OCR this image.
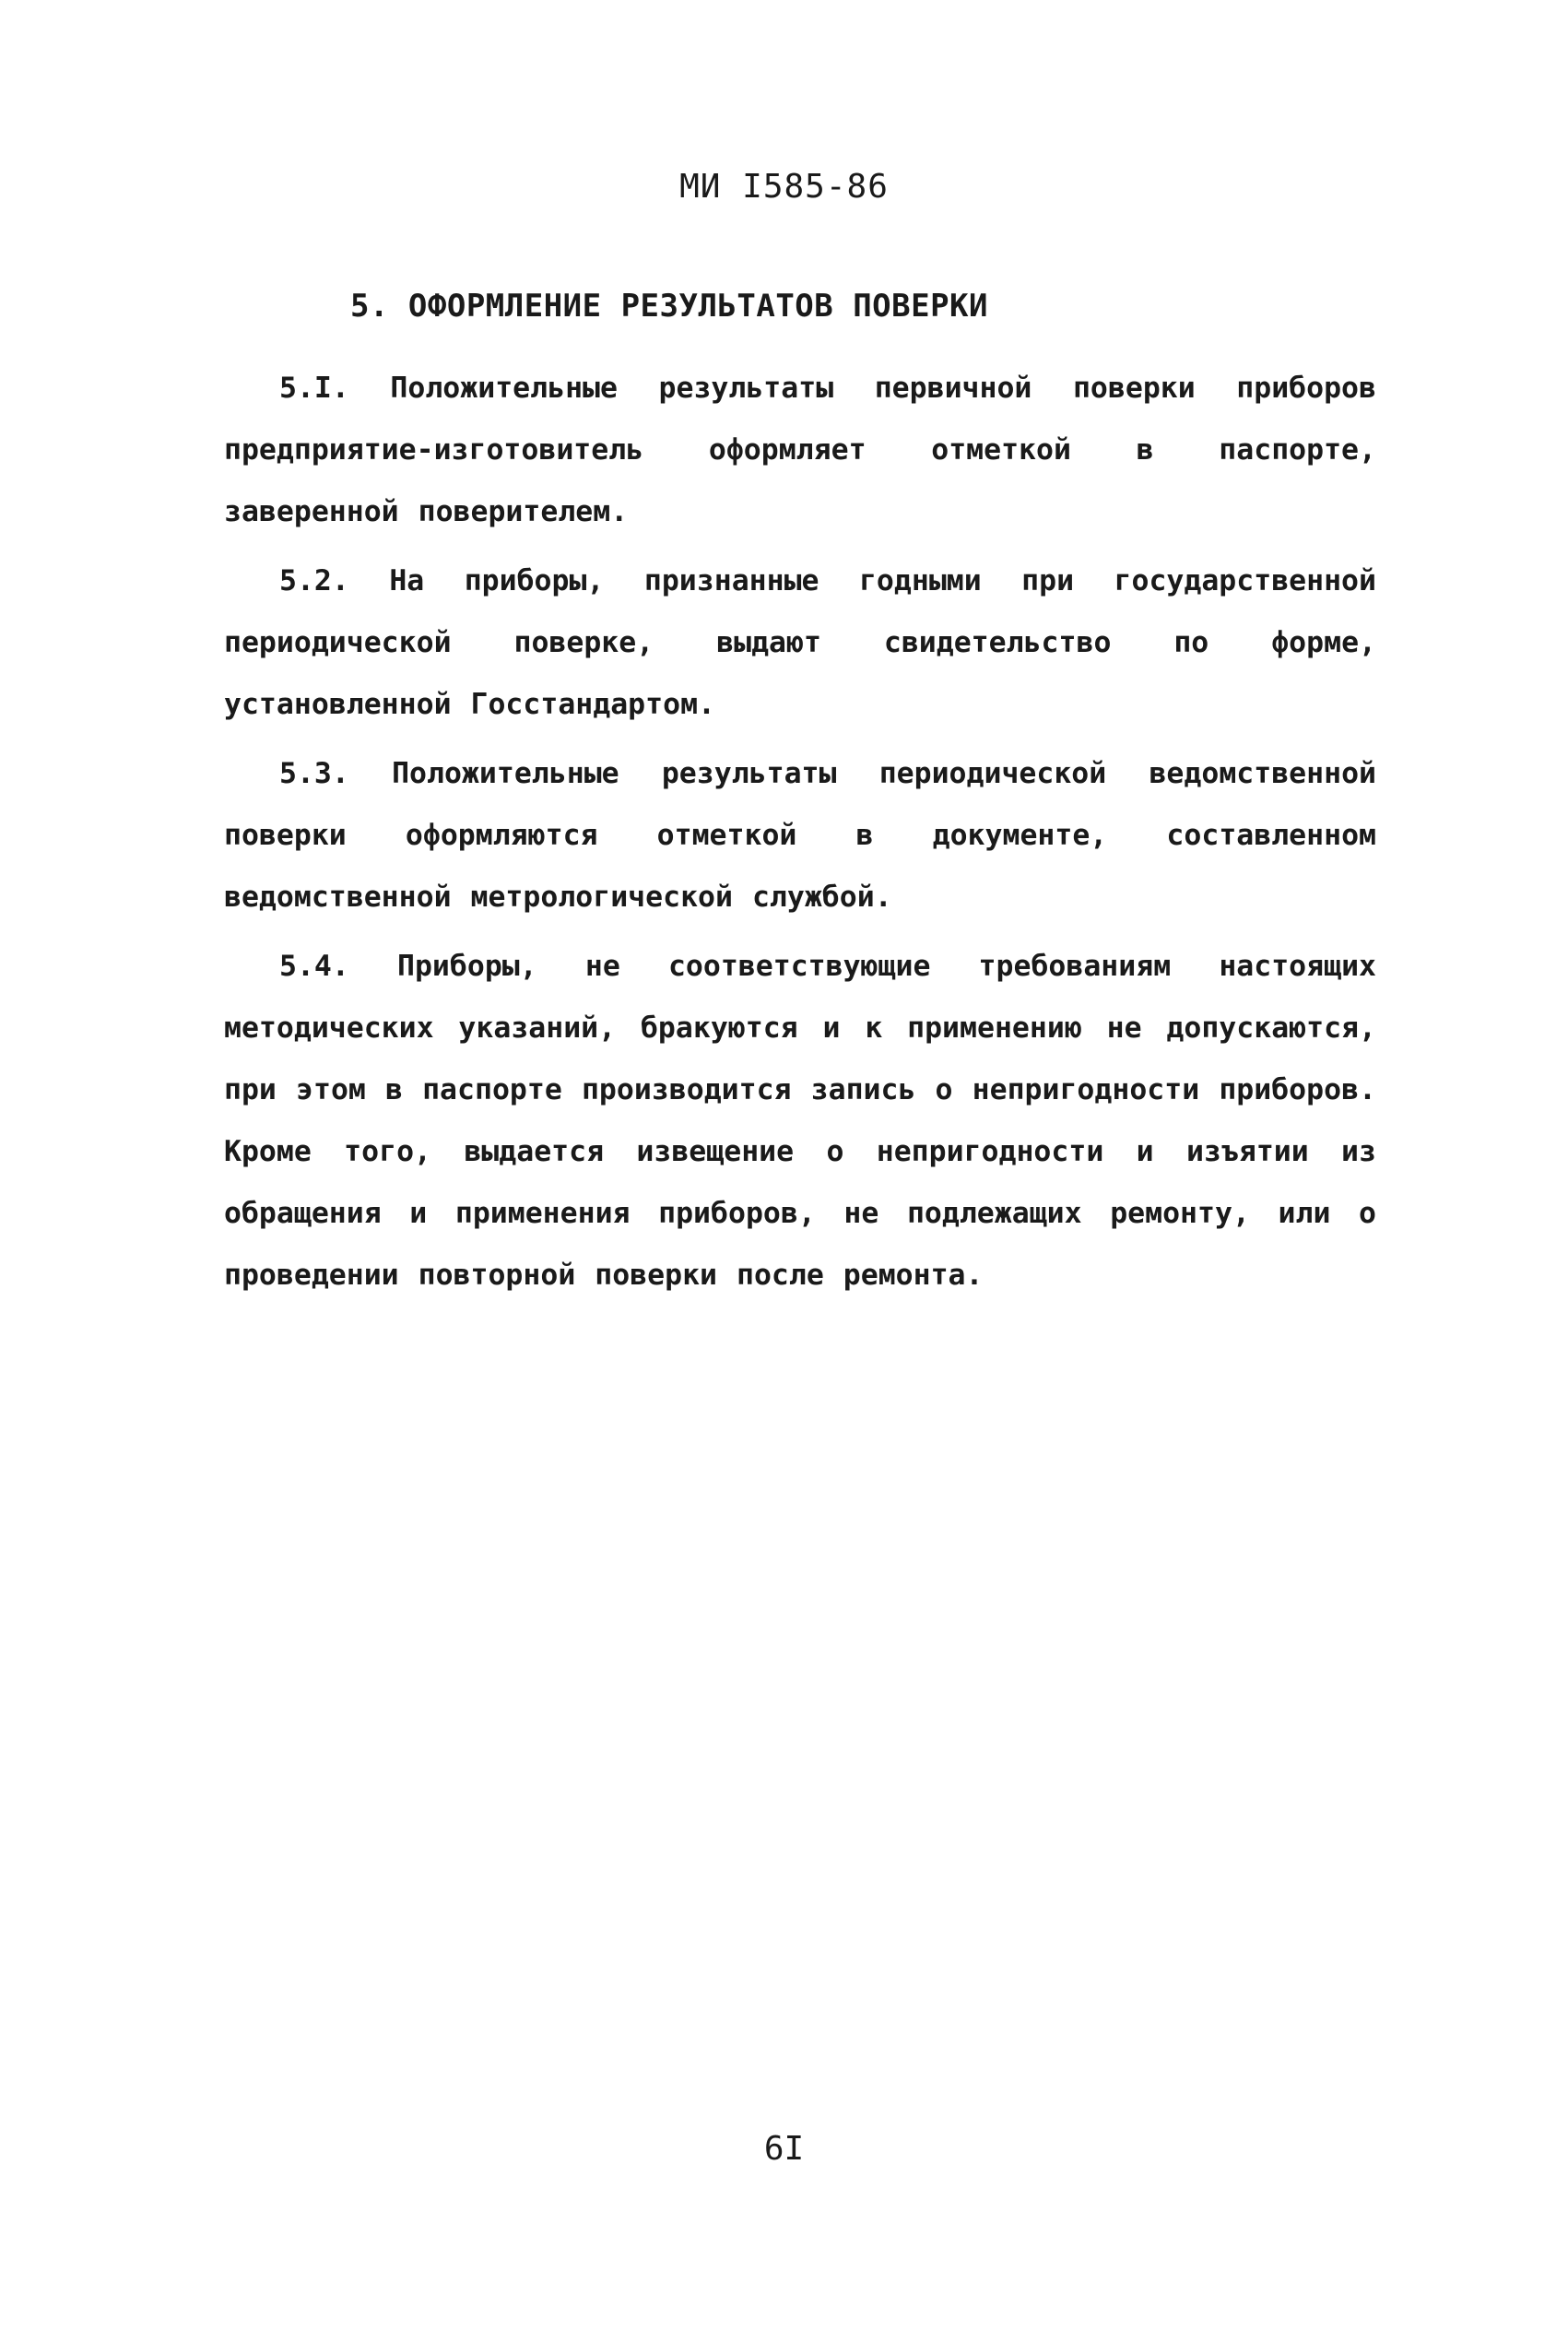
МИ I585-86
5. ОФОРМЛЕНИЕ РЕЗУЛЬТАТОВ ПОВЕРКИ

5.I. Положительные результаты первичной поверки приборов предприятие-изготовитель оформляет отметкой в паспорте, заверенной поверителем.

5.2. На приборы, признанные годными при государственной периодической поверке, выдают свидетельство по форме, установленной Госстандартом.

5.3. Положительные результаты периодической ведомственной поверки оформляются отметкой в документе, составленном ведомственной метрологической службой.

5.4. Приборы, не соответствующие требованиям настоящих методических указаний, бракуются и к применению не допускаются, при этом в паспорте производится запись о непригодности приборов. Кроме того, выдается извещение о непригодности и изъятии из обращения и применения приборов, не подлежащих ремонту, или о проведении повторной поверки после ремонта.

6I
